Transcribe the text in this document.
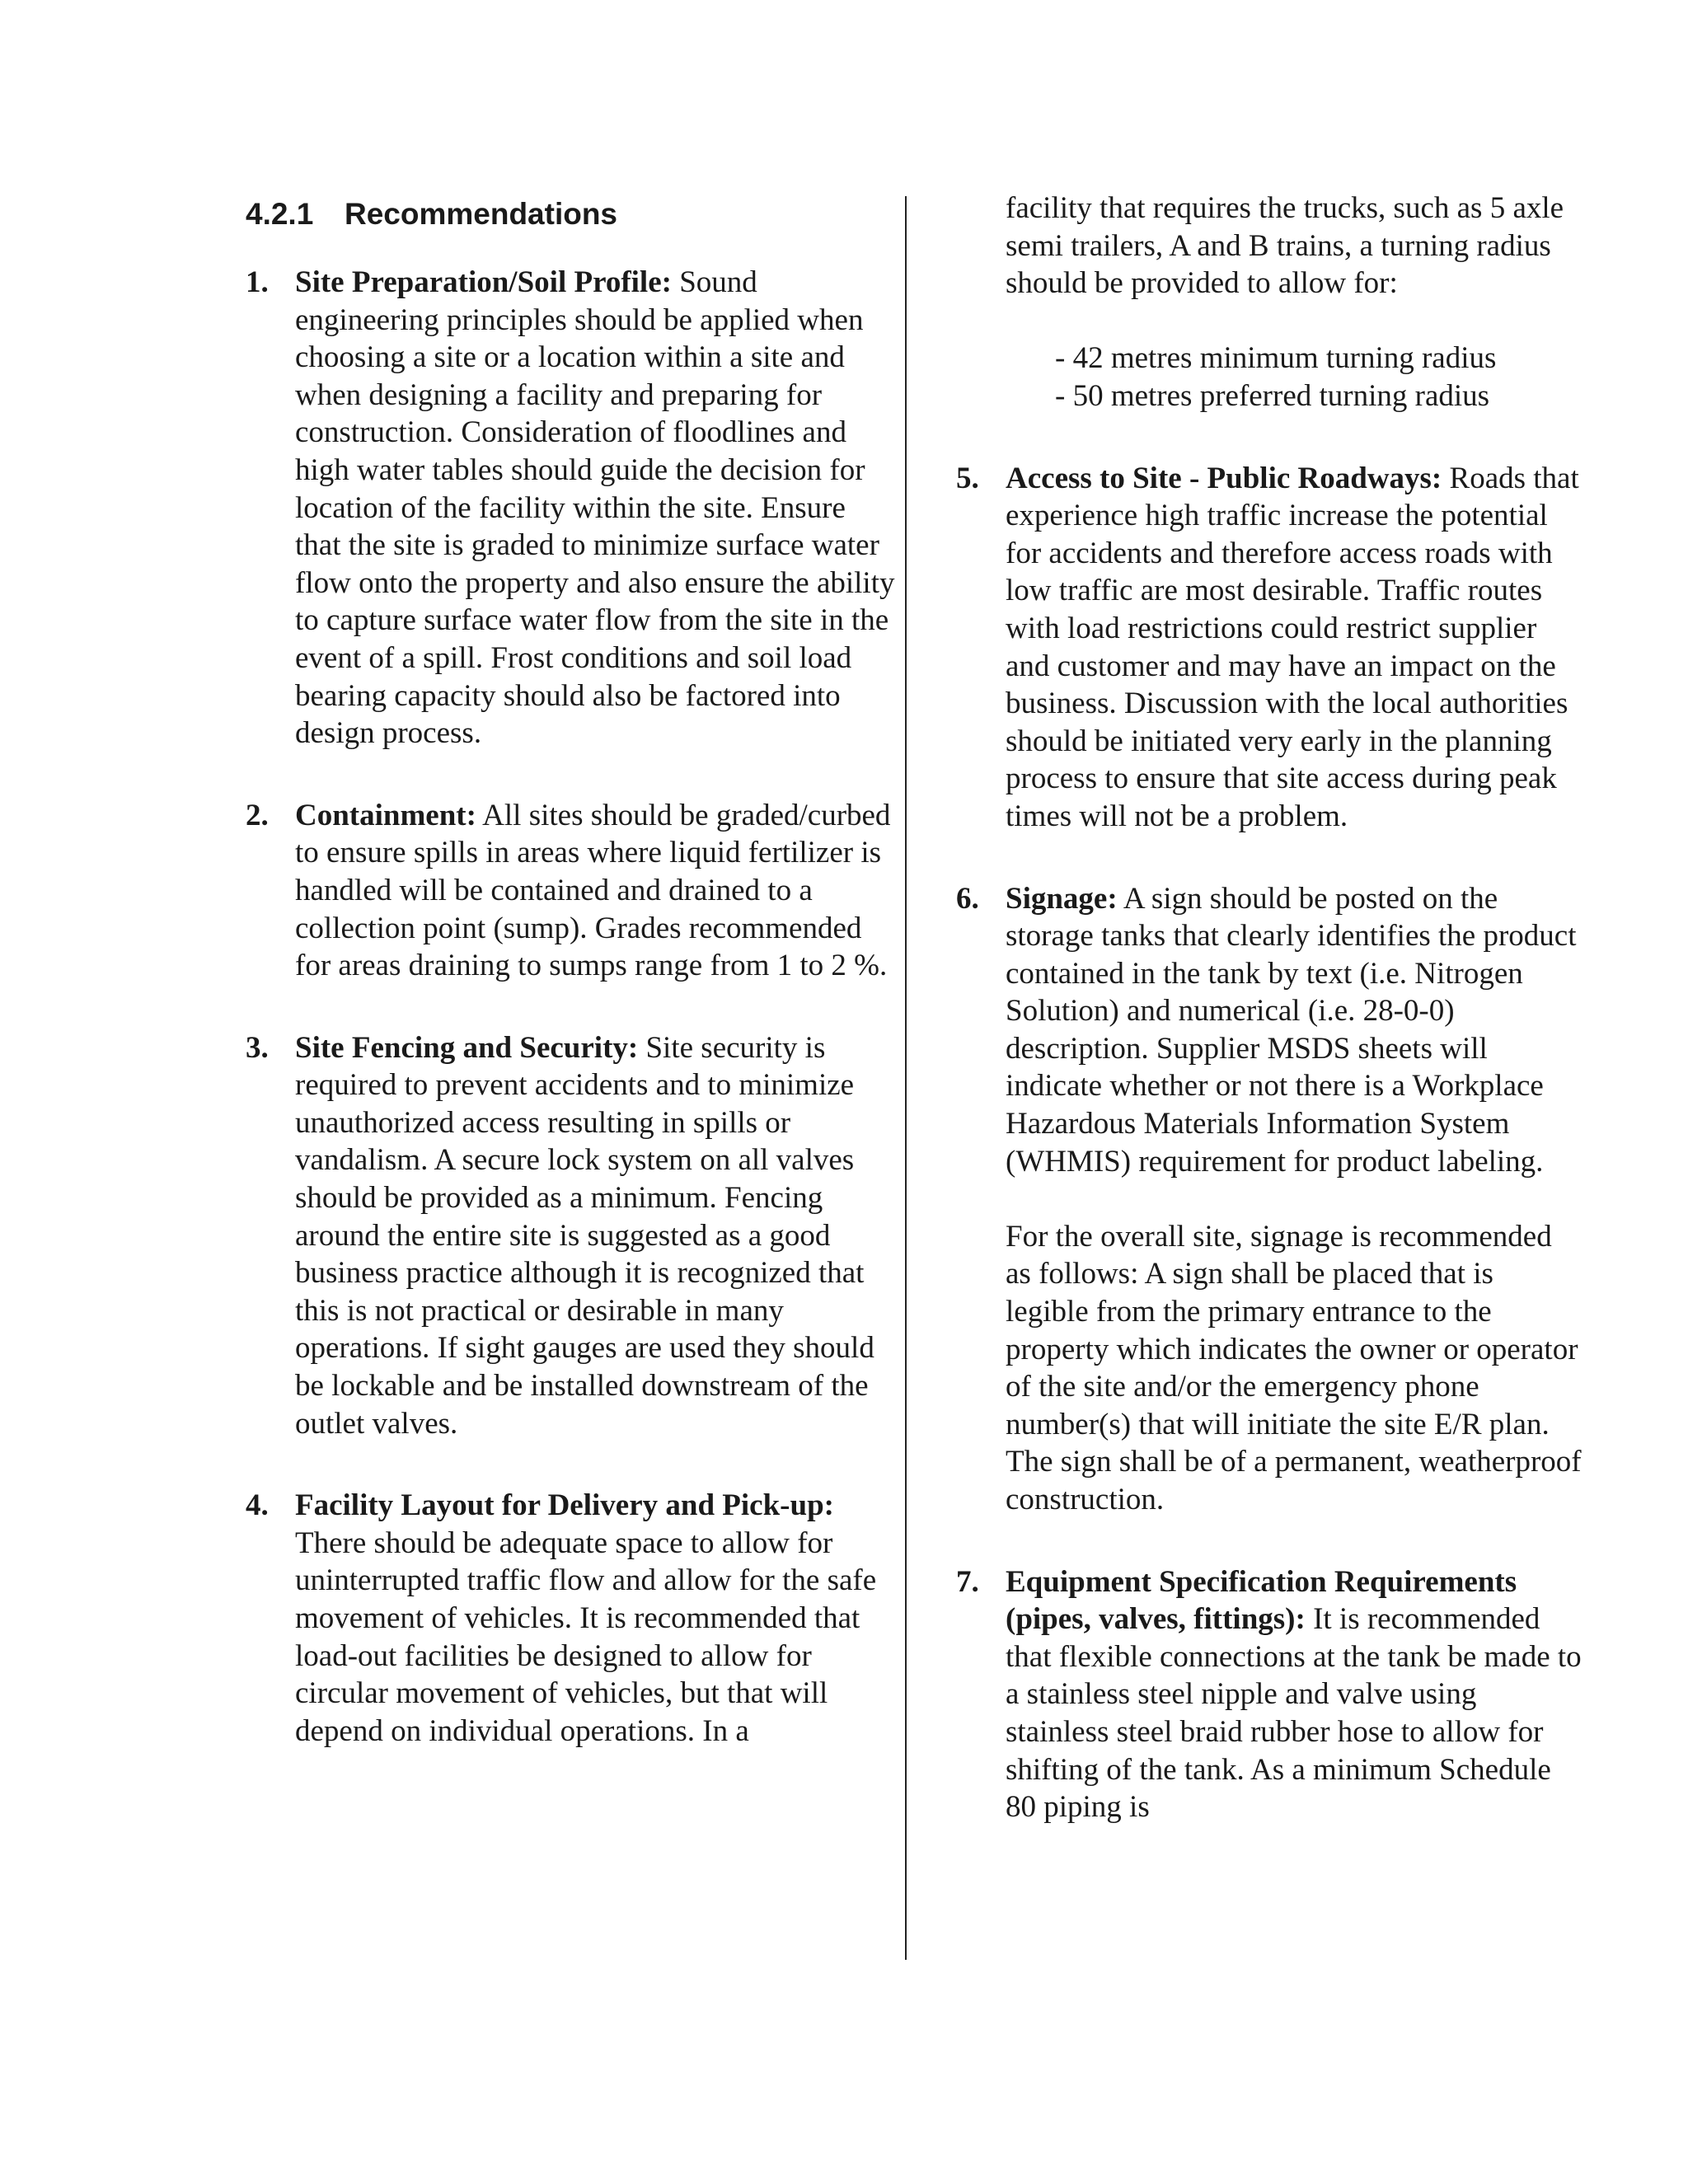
4.2.1 Recommendations
1. Site Preparation/Soil Profile: Sound engineering principles should be applied when choosing a site or a location within a site and when designing a facility and preparing for construction. Consideration of floodlines and high water tables should guide the decision for location of the facility within the site. Ensure that the site is graded to minimize surface water flow onto the property and also ensure the ability to capture surface water flow from the site in the event of a spill. Frost conditions and soil load bearing capacity should also be factored into design process.
2. Containment: All sites should be graded/curbed to ensure spills in areas where liquid fertilizer is handled will be contained and drained to a collection point (sump). Grades recommended for areas draining to sumps range from 1 to 2 %.
3. Site Fencing and Security: Site security is required to prevent accidents and to minimize unauthorized access resulting in spills or vandalism. A secure lock system on all valves should be provided as a minimum. Fencing around the entire site is suggested as a good business practice although it is recognized that this is not practical or desirable in many operations. If sight gauges are used they should be lockable and be installed downstream of the outlet valves.
4. Facility Layout for Delivery and Pick-up: There should be adequate space to allow for uninterrupted traffic flow and allow for the safe movement of vehicles. It is recommended that load-out facilities be designed to allow for circular movement of vehicles, but that will depend on individual operations. In a
facility that requires the trucks, such as 5 axle semi trailers, A and B trains, a turning radius should be provided to allow for:
- 42 metres minimum turning radius
- 50 metres preferred turning radius
5. Access to Site - Public Roadways: Roads that experience high traffic increase the potential for accidents and therefore access roads with low traffic are most desirable. Traffic routes with load restrictions could restrict supplier and customer and may have an impact on the business. Discussion with the local authorities should be initiated very early in the planning process to ensure that site access during peak times will not be a problem.
6. Signage: A sign should be posted on the storage tanks that clearly identifies the product contained in the tank by text (i.e. Nitrogen Solution) and numerical (i.e. 28-0-0) description. Supplier MSDS sheets will indicate whether or not there is a Workplace Hazardous Materials Information System (WHMIS) requirement for product labeling.
For the overall site, signage is recommended as follows: A sign shall be placed that is legible from the primary entrance to the property which indicates the owner or operator of the site and/or the emergency phone number(s) that will initiate the site E/R plan. The sign shall be of a permanent, weatherproof construction.
7. Equipment Specification Requirements (pipes, valves, fittings): It is recommended that flexible connections at the tank be made to a stainless steel nipple and valve using stainless steel braid rubber hose to allow for shifting of the tank. As a minimum Schedule 80 piping is
